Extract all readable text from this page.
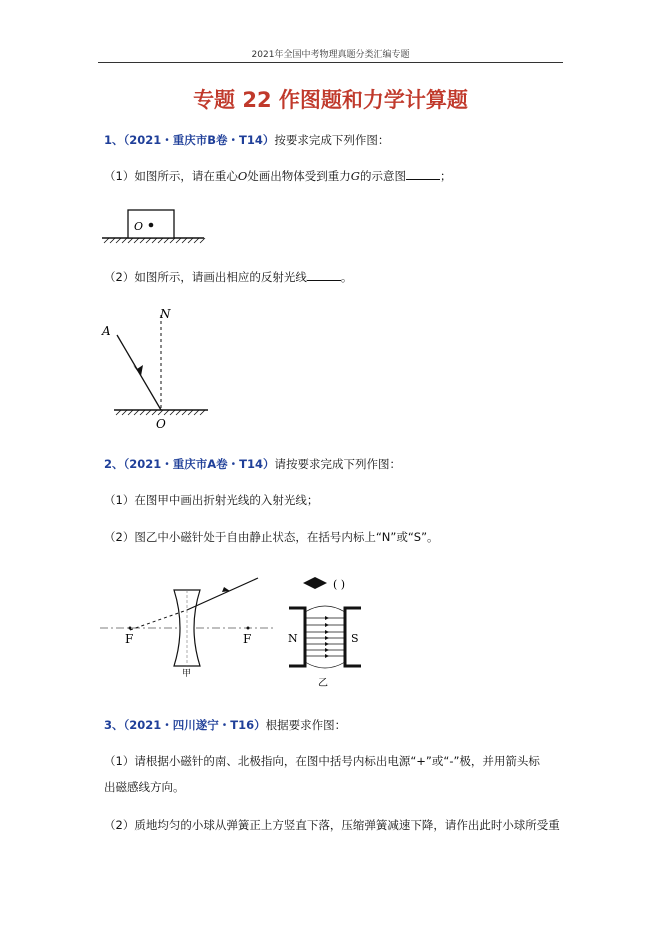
2021年全国中考物理真题分类汇编专题
专题 22 作图题和力学计算题
1、（2021・重庆市B卷・T14）按要求完成下列作图：
（1）如图所示，请在重心O处画出物体受到重力G的示意图	；
O
（2）如图所示，请画出相应的反射光线	。
A
N
O
2、（2021・重庆市A卷・T14）请按要求完成下列作图：
（1）在图甲中画出折射光线的入射光线；
（2）图乙中小磁针处于自由静止状态，在括号内标上“N”或“S”。
F	F
甲
( )
N	S
乙
3、（2021・四川遂宁・T16）根据要求作图：
（1）请根据小磁针的南、北极指向，在图中括号内标出电源“+”或“-”极，并用箭头标
出磁感线方向。
（2）质地均匀的小球从弹簧正上方竖直下落，压缩弹簧减速下降，请作出此时小球所受重
